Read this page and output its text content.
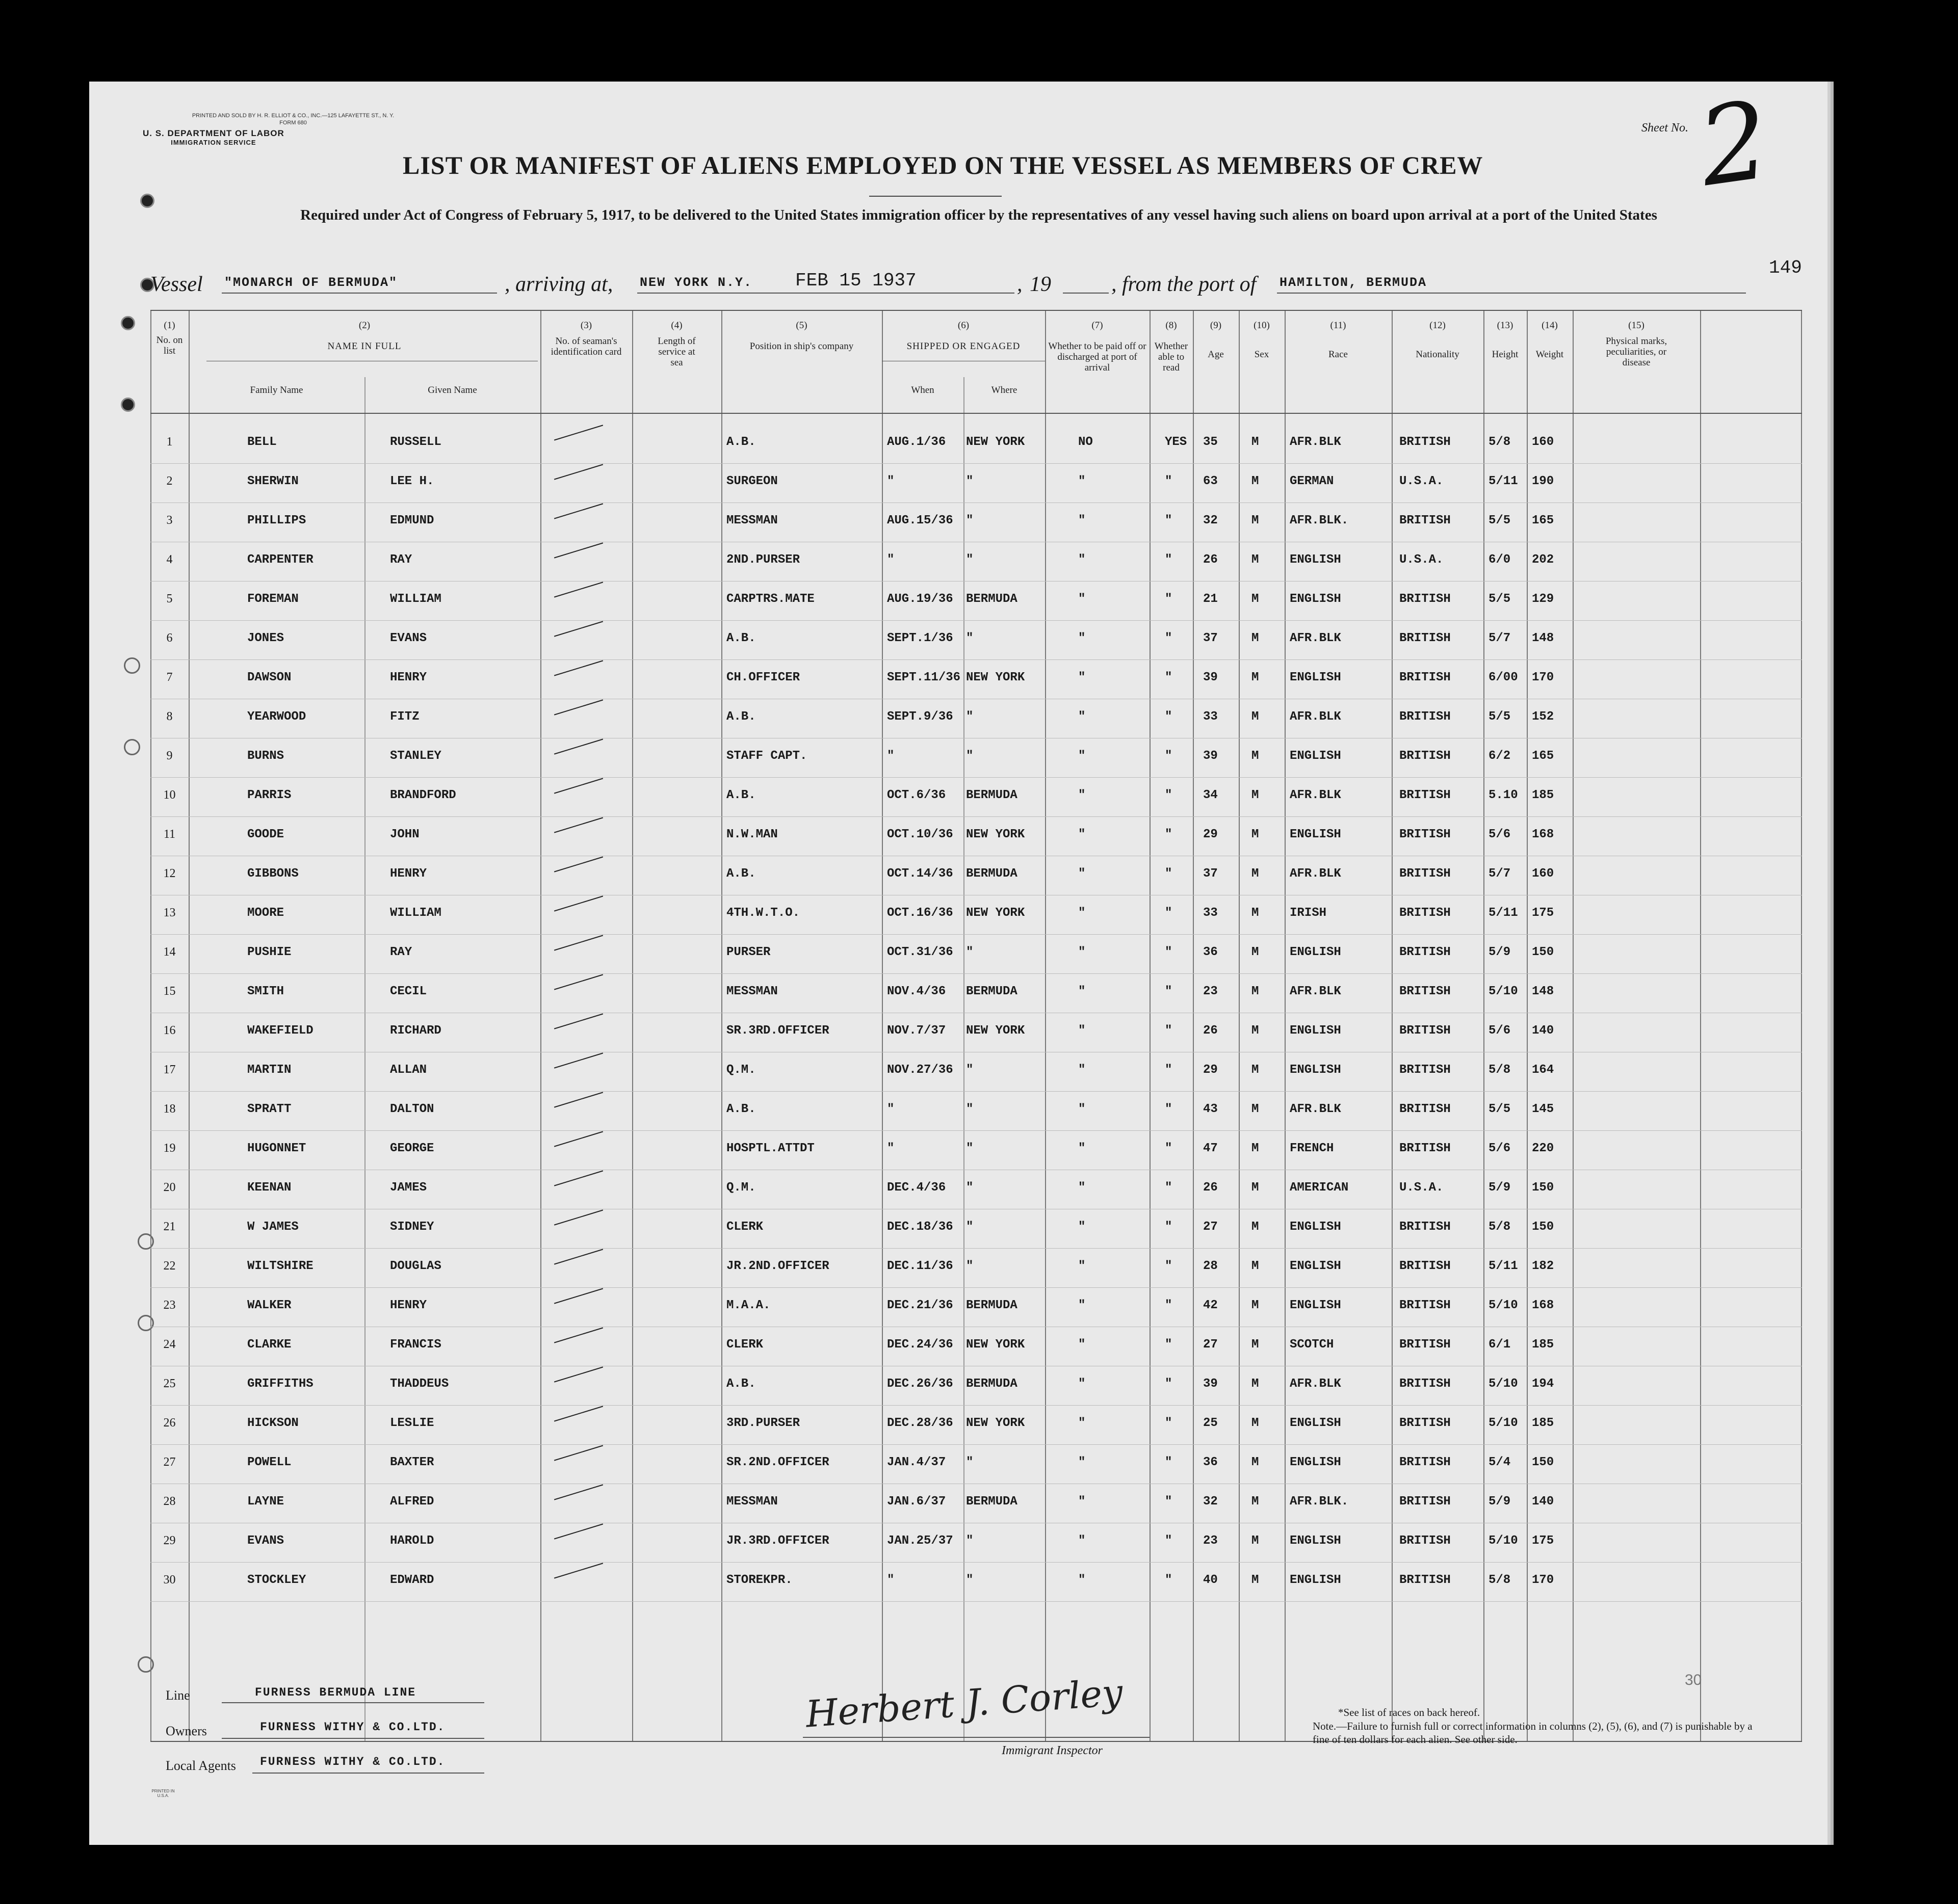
PRINTED AND SOLD BY H. R. ELLIOT & CO., INC.—125 LAFAYETTE ST., N. Y.
FORM 680
U. S. DEPARTMENT OF LABOR
IMMIGRATION SERVICE
Sheet No. 2
LIST OR MANIFEST OF ALIENS EMPLOYED ON THE VESSEL AS MEMBERS OF CREW
Required under Act of Congress of February 5, 1917, to be delivered to the United States immigration officer by the representatives of any vessel having such aliens on board upon arrival at a port of the United States
149
Vessel "MONARCH OF BERMUDA"	, arriving at, NEW YORK N.Y. FEB 15 1937	, 19	, from the port of HAMILTON, BERMUDA
(1)
No. on list
(2)
NAME IN FULL
Family Name	Given Name
(3)
No. of seaman's identification card
(4)
Length of service at sea
(5)
Position in ship's company
(6)
SHIPPED OR ENGAGED
When	Where
(7)
Whether to be paid off or discharged at port of arrival
(8)
Whether able to read
(9)
Age
(10)
Sex
(11)
Race
(12)
Nationality
(13)
Height
(14)
Weight
(15)
Physical marks, peculiarities, or disease
1	BELL	RUSSELL	A.B.	AUG.1/36 NEW YORK	NO	YES 35	M	AFR.BLK	BRITISH	5/8 160
2	SHERWIN	LEE H.	SURGEON	"	"	"	"	63	M	GERMAN	U.S.A.	5/11 190
3	PHILLIPS	EDMUND	MESSMAN	AUG.15/36 "	"	"	32	M	AFR.BLK.	BRITISH	5/5 165
4	CARPENTER	RAY	2ND.PURSER	"	"	"	"	26	M	ENGLISH	U.S.A.	6/0 202
5	FOREMAN	WILLIAM	CARPTRS.MATE	AUG.19/36 BERMUDA	"	"	21	M	ENGLISH	BRITISH	5/5 129
6	JONES	EVANS	A.B.	SEPT.1/36 "	"	"	37	M	AFR.BLK	BRITISH	5/7 148
7	DAWSON	HENRY	CH.OFFICER	SEPT.11/36 NEW YORK	"	"	39	M	ENGLISH	BRITISH	6/00 170
8	YEARWOOD	FITZ	A.B.	SEPT.9/36 "	"	"	33	M	AFR.BLK	BRITISH	5/5 152
9	BURNS	STANLEY	STAFF CAPT.	"	"	"	"	39	M	ENGLISH	BRITISH	6/2 165
10	PARRIS	BRANDFORD	A.B.	OCT.6/36 BERMUDA	"	"	34	M	AFR.BLK	BRITISH	5.10 185
11	GOODE	JOHN	N.W.MAN	OCT.10/36 NEW YORK	"	"	29	M	ENGLISH	BRITISH	5/6 168
12	GIBBONS	HENRY	A.B.	OCT.14/36 BERMUDA	"	"	37	M	AFR.BLK	BRITISH	5/7 160
13	MOORE	WILLIAM	4TH.W.T.O.	OCT.16/36 NEW YORK	"	"	33	M	IRISH	BRITISH	5/11 175
14	PUSHIE	RAY	PURSER	OCT.31/36 "	"	"	36	M	ENGLISH	BRITISH	5/9 150
15	SMITH	CECIL	MESSMAN	NOV.4/36 BERMUDA	"	"	23	M	AFR.BLK	BRITISH	5/10 148
16	WAKEFIELD	RICHARD	SR.3RD.OFFICER	NOV.7/37 NEW YORK	"	"	26	M	ENGLISH	BRITISH	5/6 140
17	MARTIN	ALLAN	Q.M.	NOV.27/36 "	"	"	29	M	ENGLISH	BRITISH	5/8 164
18	SPRATT	DALTON	A.B.	"	"	"	"	43	M	AFR.BLK	BRITISH	5/5 145
19	HUGONNET	GEORGE	HOSPTL.ATTDT	"	"	"	"	47	M	FRENCH	BRITISH	5/6 220
20	KEENAN	JAMES	Q.M.	DEC.4/36 "	"	"	26	M	AMERICAN	U.S.A.	5/9 150
21	W JAMES	SIDNEY	CLERK	DEC.18/36 "	"	"	27	M	ENGLISH	BRITISH	5/8 150
22	WILTSHIRE	DOUGLAS	JR.2ND.OFFICER	DEC.11/36 "	"	"	28	M	ENGLISH	BRITISH	5/11 182
23	WALKER	HENRY	M.A.A.	DEC.21/36 BERMUDA	"	"	42	M	ENGLISH	BRITISH	5/10 168
24	CLARKE	FRANCIS	CLERK	DEC.24/36 NEW YORK	"	"	27	M	SCOTCH	BRITISH	6/1 185
25	GRIFFITHS	THADDEUS	A.B.	DEC.26/36 BERMUDA	"	"	39	M	AFR.BLK	BRITISH	5/10 194
26	HICKSON	LESLIE	3RD.PURSER	DEC.28/36 NEW YORK	"	"	25	M	ENGLISH	BRITISH	5/10 185
27	POWELL	BAXTER	SR.2ND.OFFICER	JAN.4/37 "	"	"	36	M	ENGLISH	BRITISH	5/4 150
28	LAYNE	ALFRED	MESSMAN	JAN.6/37 BERMUDA	"	"	32	M	AFR.BLK.	BRITISH	5/9 140
29	EVANS	HAROLD	JR.3RD.OFFICER	JAN.25/37 "	"	"	23	M	ENGLISH	BRITISH	5/10 175
30	STOCKLEY	EDWARD	STOREKPR.	"	"	"	"	40	M	ENGLISH	BRITISH	5/8 170
Line	FURNESS BERMUDA LINE
Owners	FURNESS WITHY & CO.LTD.
Local Agents FURNESS WITHY & CO.LTD.
Herbert J. Corley
Immigrant Inspector
30
*See list of races on back hereof.
Note.—Failure to furnish full or correct information in columns (2), (5), (6), and (7) is punishable by a fine of ten dollars for each alien. See other side.
PRINTED IN U.S.A.
